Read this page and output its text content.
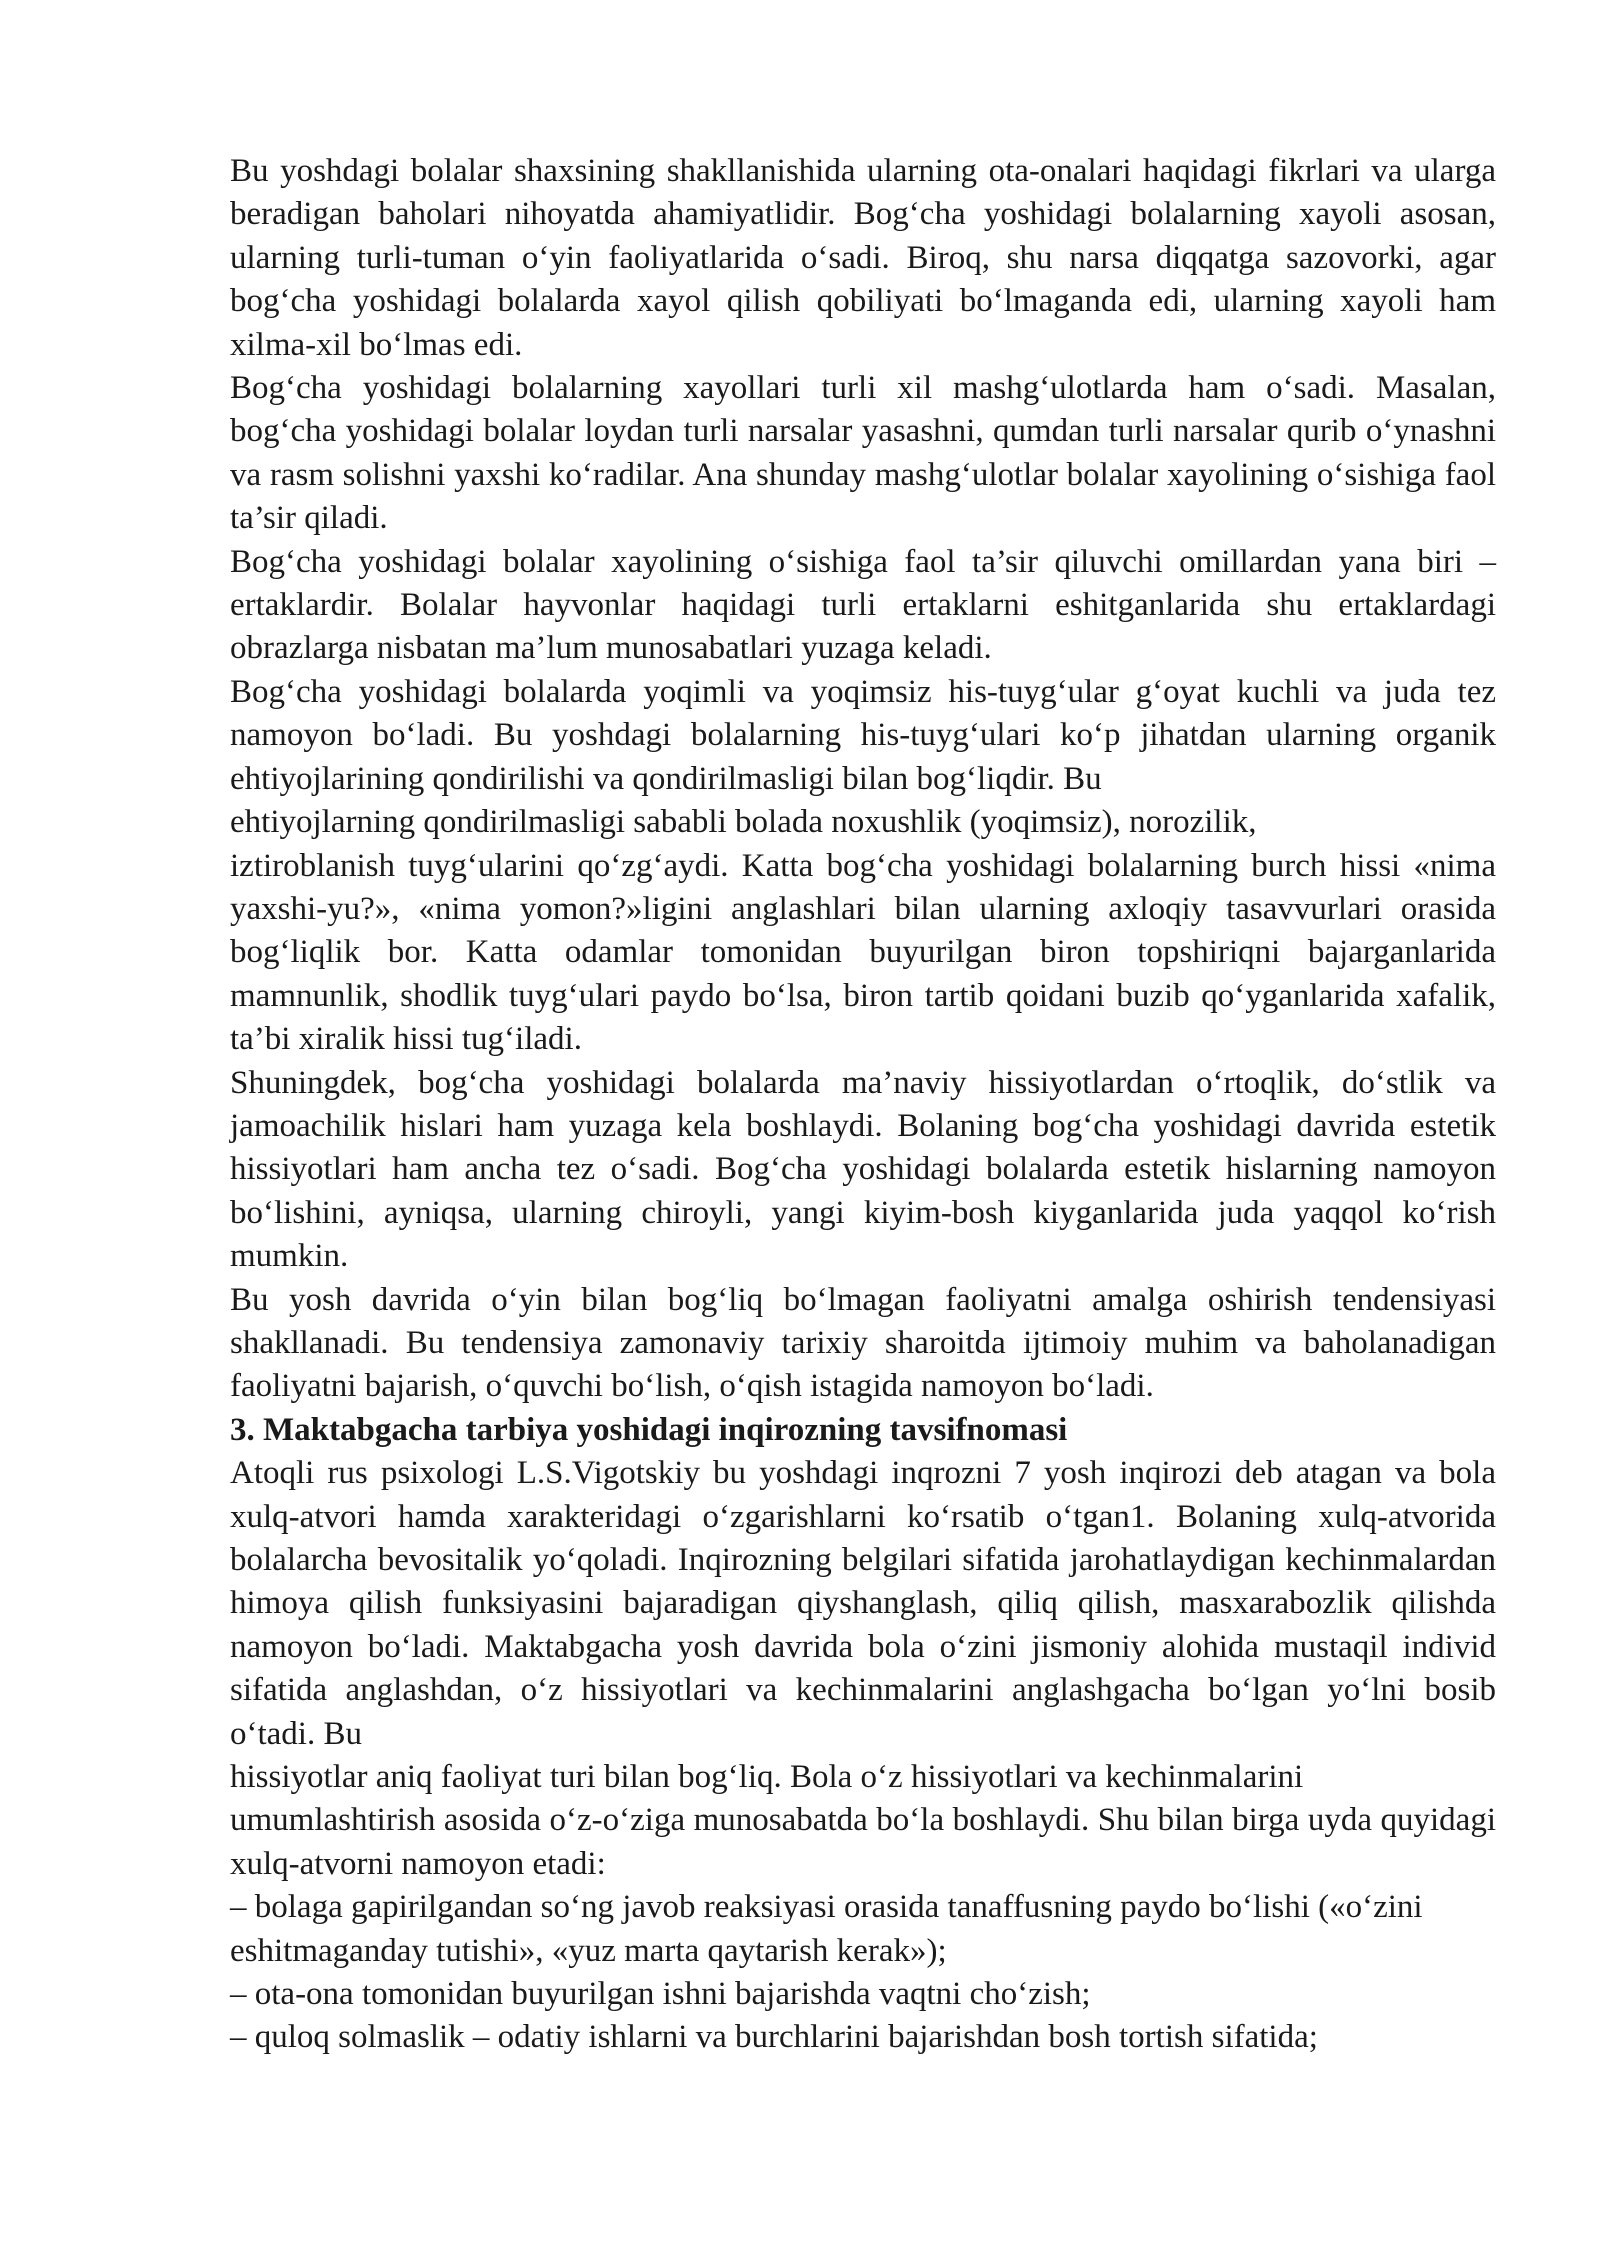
Bu yoshdagi bolalar shaxsining shakllanishida ularning ota-onalari haqidagi fikrlari va ularga beradigan baholari nihoyatda ahamiyatlidir. Bog‘cha yoshidagi bolalarning xayoli asosan, ularning turli-tuman o‘yin faoliyatlarida o‘sadi. Biroq, shu narsa diqqatga sazovorki, agar bog‘cha yoshidagi bolalarda xayol qilish qobiliyati bo‘lmaganda edi, ularning xayoli ham xilma-xil bo‘lmas edi.

Bog‘cha yoshidagi bolalarning xayollari turli xil mashg‘ulotlarda ham o‘sadi. Masalan, bog‘cha yoshidagi bolalar loydan turli narsalar yasashni, qumdan turli narsalar qurib o‘ynashni va rasm solishni yaxshi ko‘radilar. Ana shunday mashg‘ulotlar bolalar xayolining o‘sishiga faol ta’sir qiladi.

Bog‘cha yoshidagi bolalar xayolining o‘sishiga faol ta’sir qiluvchi omillardan yana biri – ertaklardir. Bolalar hayvonlar haqidagi turli ertaklarni eshitganlarida shu ertaklardagi obrazlarga nisbatan ma’lum munosabatlari yuzaga keladi.

Bog‘cha yoshidagi bolalarda yoqimli va yoqimsiz his-tuyg‘ular g‘oyat kuchli va juda tez namoyon bo‘ladi. Bu yoshdagi bolalarning his-tuyg‘ulari ko‘p jihatdan ularning organik ehtiyojlarining qondirilishi va qondirilmasligi bilan bog‘liqdir. Bu

ehtiyojlarning qondirilmasligi sababli bolada noxushlik (yoqimsiz), norozilik,

iztiroblanish tuyg‘ularini qo‘zg‘aydi. Katta bog‘cha yoshidagi bolalarning burch hissi «nima yaxshi-yu?», «nima yomon?»ligini anglashlari bilan ularning axloqiy tasavvurlari orasida bog‘liqlik bor. Katta odamlar tomonidan buyurilgan biron topshiriqni bajarganlarida mamnunlik, shodlik tuyg‘ulari paydo bo‘lsa, biron tartib qoidani buzib qo‘yganlarida xafalik, ta’bi xiralik hissi tug‘iladi.

Shuningdek, bog‘cha yoshidagi bolalarda ma’naviy hissiyotlardan o‘rtoqlik, do‘stlik va jamoachilik hislari ham yuzaga kela boshlaydi. Bolaning bog‘cha yoshidagi davrida estetik hissiyotlari ham ancha tez o‘sadi. Bog‘cha yoshidagi bolalarda estetik hislarning namoyon bo‘lishini, ayniqsa, ularning chiroyli, yangi kiyim-bosh kiyganlarida juda yaqqol ko‘rish mumkin.

Bu yosh davrida o‘yin bilan bog‘liq bo‘lmagan faoliyatni amalga oshirish tendensiyasi shakllanadi. Bu tendensiya zamonaviy tarixiy sharoitda ijtimoiy muhim va baholanadigan faoliyatni bajarish, o‘quvchi bo‘lish, o‘qish istagida namoyon bo‘ladi.

3. Maktabgacha tarbiya yoshidagi inqirozning tavsifnomasi

Atoqli rus psixologi L.S.Vigotskiy bu yoshdagi inqrozni 7 yosh inqirozi deb atagan va bola xulq-atvori hamda xarakteridagi o‘zgarishlarni ko‘rsatib o‘tgan1. Bolaning xulq-atvorida bolalarcha bevositalik yo‘qoladi. Inqirozning belgilari sifatida jarohatlaydigan kechinmalardan himoya qilish funksiyasini bajaradigan qiyshanglash, qiliq qilish, masxarabozlik qilishda namoyon bo‘ladi. Maktabgacha yosh davrida bola o‘zini jismoniy alohida mustaqil individ sifatida anglashdan, o‘z hissiyotlari va kechinmalarini anglashgacha bo‘lgan yo‘lni bosib o‘tadi. Bu

hissiyotlar aniq faoliyat turi bilan bog‘liq. Bola o‘z hissiyotlari va kechinmalarini

umumlashtirish asosida o‘z-o‘ziga munosabatda bo‘la boshlaydi. Shu bilan birga uyda quyidagi xulq-atvorni namoyon etadi:

– bolaga gapirilgandan so‘ng javob reaksiyasi orasida tanaffusning paydo bo‘lishi («o‘zini eshitmaganday tutishi», «yuz marta qaytarish kerak»);

– ota-ona tomonidan buyurilgan ishni bajarishda vaqtni cho‘zish;

– quloq solmaslik – odatiy ishlarni va burchlarini bajarishdan bosh tortish sifatida;
